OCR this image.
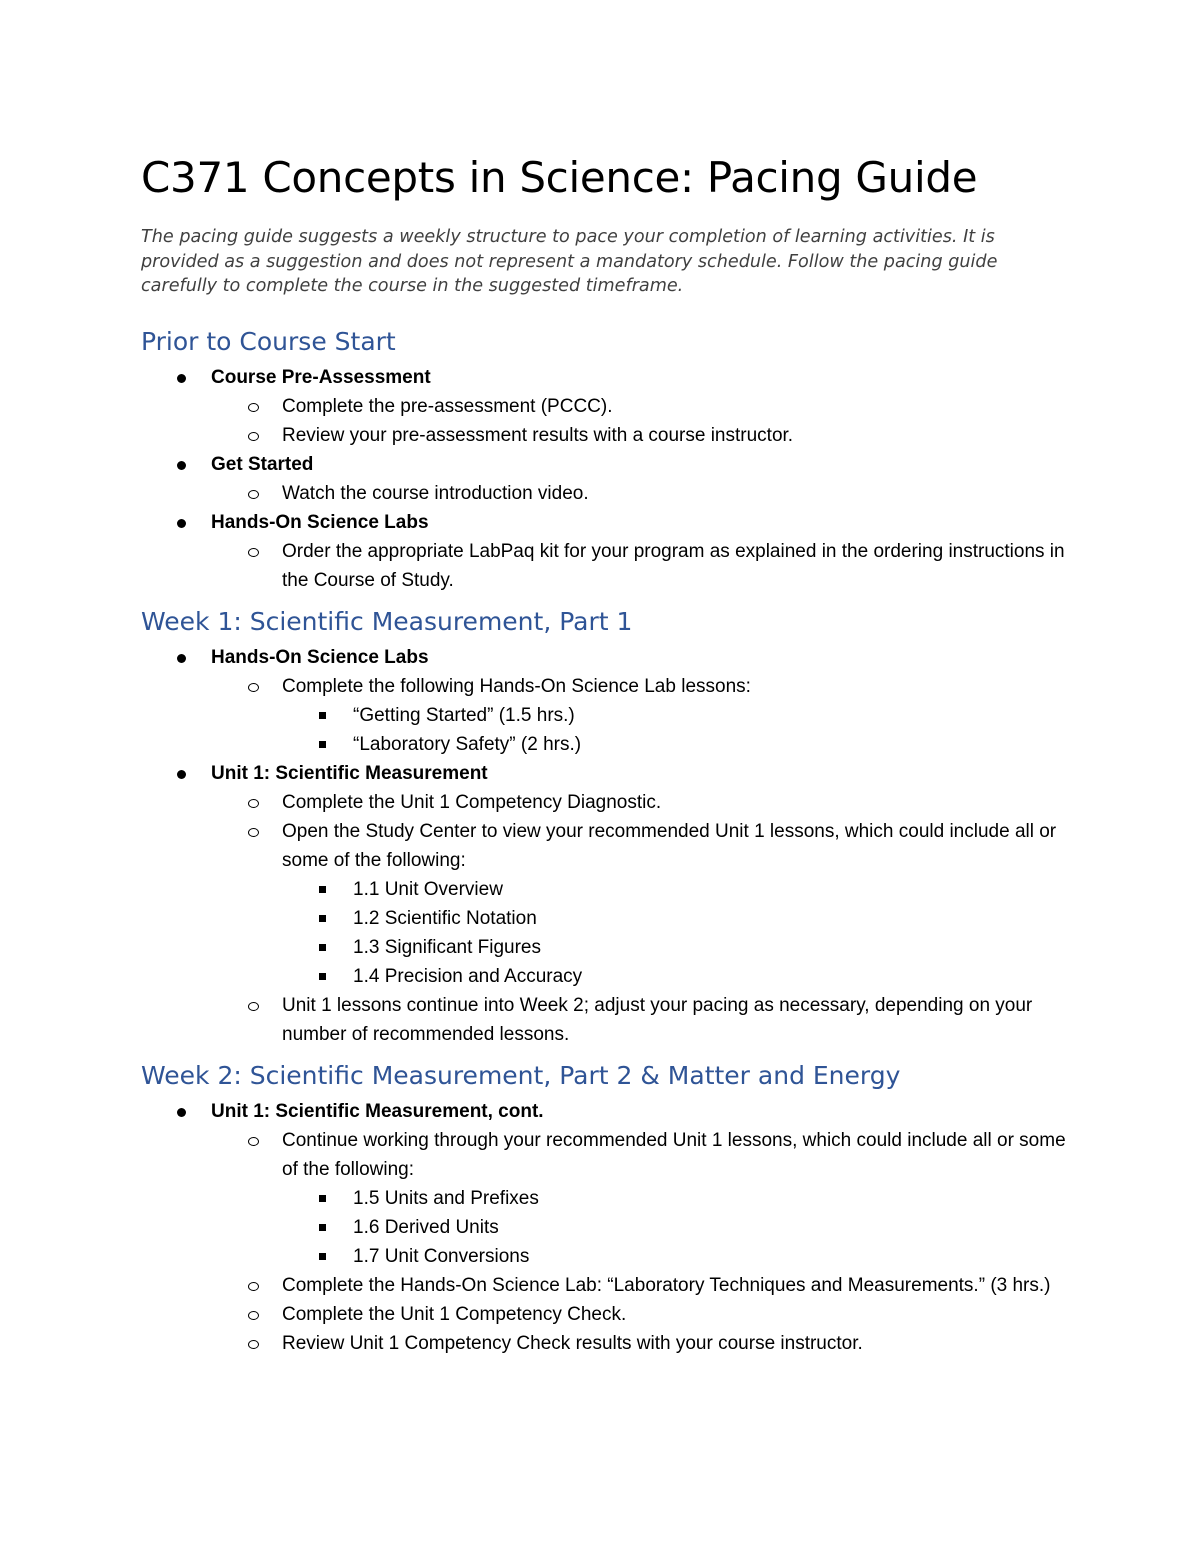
C371 Concepts in Science: Pacing Guide

The pacing guide suggests a weekly structure to pace your completion of learning activities. It is provided as a suggestion and does not represent a mandatory schedule. Follow the pacing guide carefully to complete the course in the suggested timeframe.

Prior to Course Start
Course Pre-Assessment
Complete the pre-assessment (PCCC).
Review your pre-assessment results with a course instructor.
Get Started
Watch the course introduction video.
Hands-On Science Labs
Order the appropriate LabPaq kit for your program as explained in the ordering instructions in the Course of Study.
Week 1: Scientific Measurement, Part 1
Hands-On Science Labs
Complete the following Hands-On Science Lab lessons:
“Getting Started” (1.5 hrs.)
“Laboratory Safety” (2 hrs.)
Unit 1: Scientific Measurement
Complete the Unit 1 Competency Diagnostic.
Open the Study Center to view your recommended Unit 1 lessons, which could include all or some of the following:
1.1 Unit Overview
1.2 Scientific Notation
1.3 Significant Figures
1.4 Precision and Accuracy
Unit 1 lessons continue into Week 2; adjust your pacing as necessary, depending on your number of recommended lessons.
Week 2: Scientific Measurement, Part 2 & Matter and Energy
Unit 1: Scientific Measurement, cont.
Continue working through your recommended Unit 1 lessons, which could include all or some of the following:
1.5 Units and Prefixes
1.6 Derived Units
1.7 Unit Conversions
Complete the Hands-On Science Lab: “Laboratory Techniques and Measurements.” (3 hrs.)
Complete the Unit 1 Competency Check.
Review Unit 1 Competency Check results with your course instructor.
